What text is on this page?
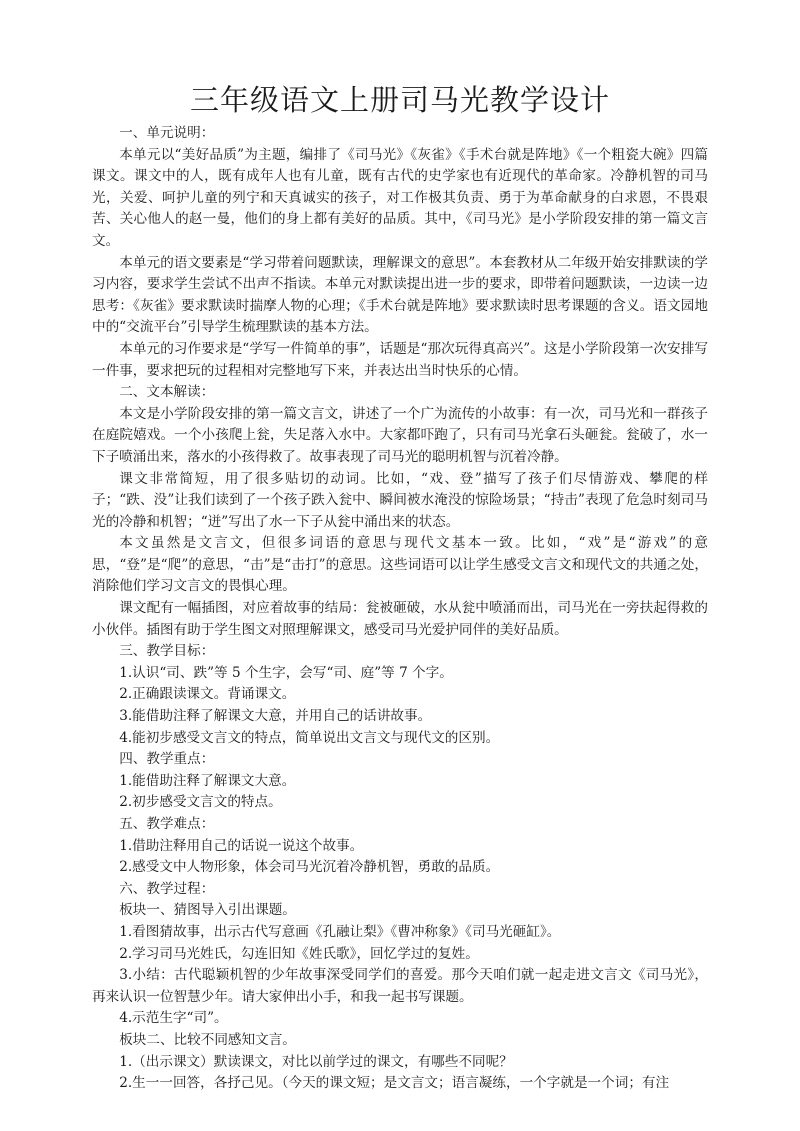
三年级语文上册司马光教学设计

一、单元说明：

本单元以“美好品质”为主题，编排了《司马光》《灰雀》《手术台就是阵地》《一个粗瓷大碗》四篇课文。课文中的人，既有成年人也有儿童，既有古代的史学家也有近现代的革命家。冷静机智的司马光，关爱、呵护儿童的列宁和天真诚实的孩子，对工作极其负责、勇于为革命献身的白求恩，不畏艰苦、关心他人的赵一曼，他们的身上都有美好的品质。其中，《司马光》是小学阶段安排的第一篇文言文。

本单元的语文要素是“学习带着问题默读，理解课文的意思”。本套教材从二年级开始安排默读的学习内容，要求学生尝试不出声不指读。本单元对默读提出进一步的要求，即带着问题默读，一边读一边思考：《灰雀》要求默读时揣摩人物的心理；《手术台就是阵地》要求默读时思考课题的含义。语文园地中的“交流平台”引导学生梳理默读的基本方法。

本单元的习作要求是“学写一件简单的事”，话题是“那次玩得真高兴”。这是小学阶段第一次安排写一件事，要求把玩的过程相对完整地写下来，并表达出当时快乐的心情。

二、文本解读：

本文是小学阶段安排的第一篇文言文，讲述了一个广为流传的小故事：有一次，司马光和一群孩子在庭院嬉戏。一个小孩爬上瓮，失足落入水中。大家都吓跑了，只有司马光拿石头砸瓮。瓮破了，水一下子喷涌出来，落水的小孩得救了。故事表现了司马光的聪明机智与沉着冷静。

课文非常简短，用了很多贴切的动词。比如，“戏、登”描写了孩子们尽情游戏、攀爬的样子；“跌、没”让我们读到了一个孩子跌入瓮中、瞬间被水淹没的惊险场景；“持击”表现了危急时刻司马光的冷静和机智；“迸”写出了水一下子从瓮中涌出来的状态。

本文虽然是文言文，但很多词语的意思与现代文基本一致。比如，“戏”是“游戏”的意思，“登”是“爬”的意思，“击”是“击打”的意思。这些词语可以让学生感受文言文和现代文的共通之处，消除他们学习文言文的畏惧心理。

课文配有一幅插图，对应着故事的结局：瓮被砸破，水从瓮中喷涌而出，司马光在一旁扶起得救的小伙伴。插图有助于学生图文对照理解课文，感受司马光爱护同伴的美好品质。

三、教学目标：

1.认识“司、跌”等 5 个生字，会写“司、庭”等 7 个字。

2.正确跟读课文。背诵课文。

3.能借助注释了解课文大意，并用自己的话讲故事。

4.能初步感受文言文的特点，简单说出文言文与现代文的区别。

四、教学重点：

1.能借助注释了解课文大意。

2.初步感受文言文的特点。

五、教学难点：

1.借助注释用自己的话说一说这个故事。

2.感受文中人物形象，体会司马光沉着冷静机智，勇敢的品质。

六、教学过程：

板块一、猜图导入引出课题。

1.看图猜故事，出示古代写意画《孔融让梨》《曹冲称象》《司马光砸缸》。

2.学习司马光姓氏，勾连旧知《姓氏歌》，回忆学过的复姓。

3.小结：古代聪颖机智的少年故事深受同学们的喜爱。那今天咱们就一起走进文言文《司马光》，再来认识一位智慧少年。请大家伸出小手，和我一起书写课题。

4.示范生字“司”。

板块二、比较不同感知文言。

1.（出示课文）默读课文，对比以前学过的课文，有哪些不同呢？

2.生一一回答，各抒己见。（今天的课文短；是文言文；语言凝练，一个字就是一个词；有注
